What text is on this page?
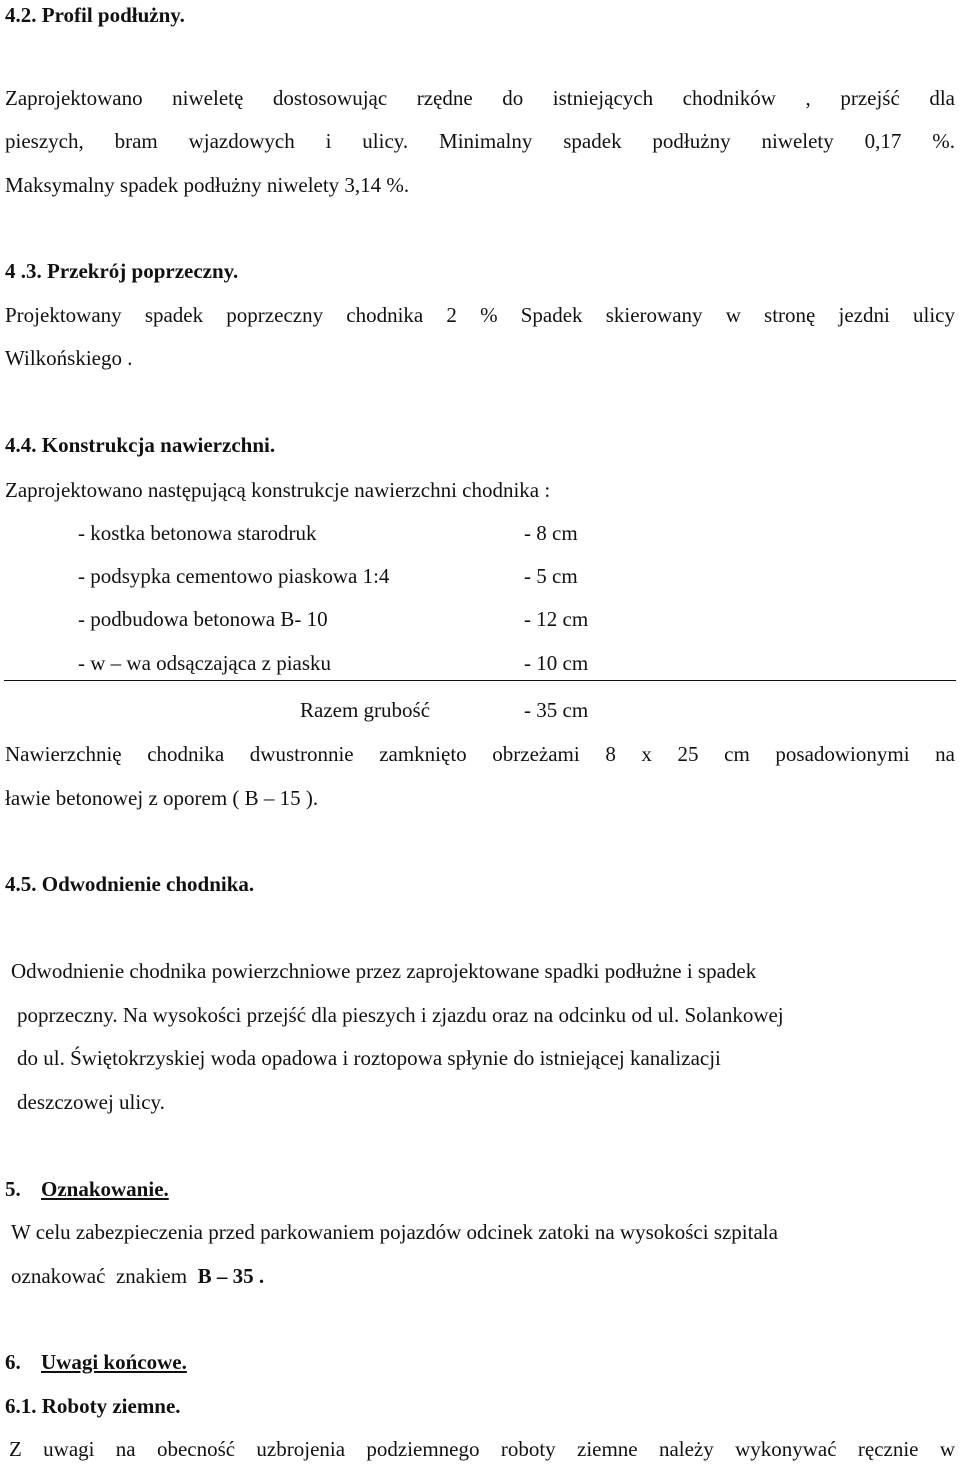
4.2. Profil podłużny.
Zaprojektowano niweletę dostosowując rzędne do istniejących chodników , przejść dla
pieszych, bram wjazdowych i ulicy. Minimalny spadek podłużny niwelety 0,17 %.
Maksymalny spadek podłużny niwelety 3,14 %.
4 .3. Przekrój poprzeczny.
Projektowany spadek poprzeczny chodnika 2 % Spadek skierowany w stronę jezdni ulicy
Wilkońskiego .
4.4. Konstrukcja nawierzchni.
Zaprojektowano następującą konstrukcje nawierzchni chodnika :
- kostka betonowa starodruk	- 8 cm
- podsypka cementowo piaskowa 1:4	- 5 cm
- podbudowa betonowa B- 10	- 12 cm
- w – wa odsączająca z piasku	- 10 cm
Razem grubość	- 35 cm
Nawierzchnię chodnika dwustronnie zamknięto obrzeżami 8 x 25 cm posadowionymi na
ławie betonowej z oporem ( B – 15 ).
4.5. Odwodnienie chodnika.
Odwodnienie chodnika powierzchniowe przez zaprojektowane spadki podłużne i spadek
poprzeczny. Na wysokości przejść dla pieszych i zjazdu oraz na odcinku od ul. Solankowej
do ul. Świętokrzyskiej woda opadowa i roztopowa spłynie do istniejącej kanalizacji
deszczowej ulicy.
5. Oznakowanie.
W celu zabezpieczenia przed parkowaniem pojazdów odcinek zatoki na wysokości szpitala
oznakować  znakiem  B – 35 .
6. Uwagi końcowe.
6.1. Roboty ziemne.
Z uwagi na obecność uzbrojenia podziemnego roboty ziemne należy wykonywać ręcznie w
